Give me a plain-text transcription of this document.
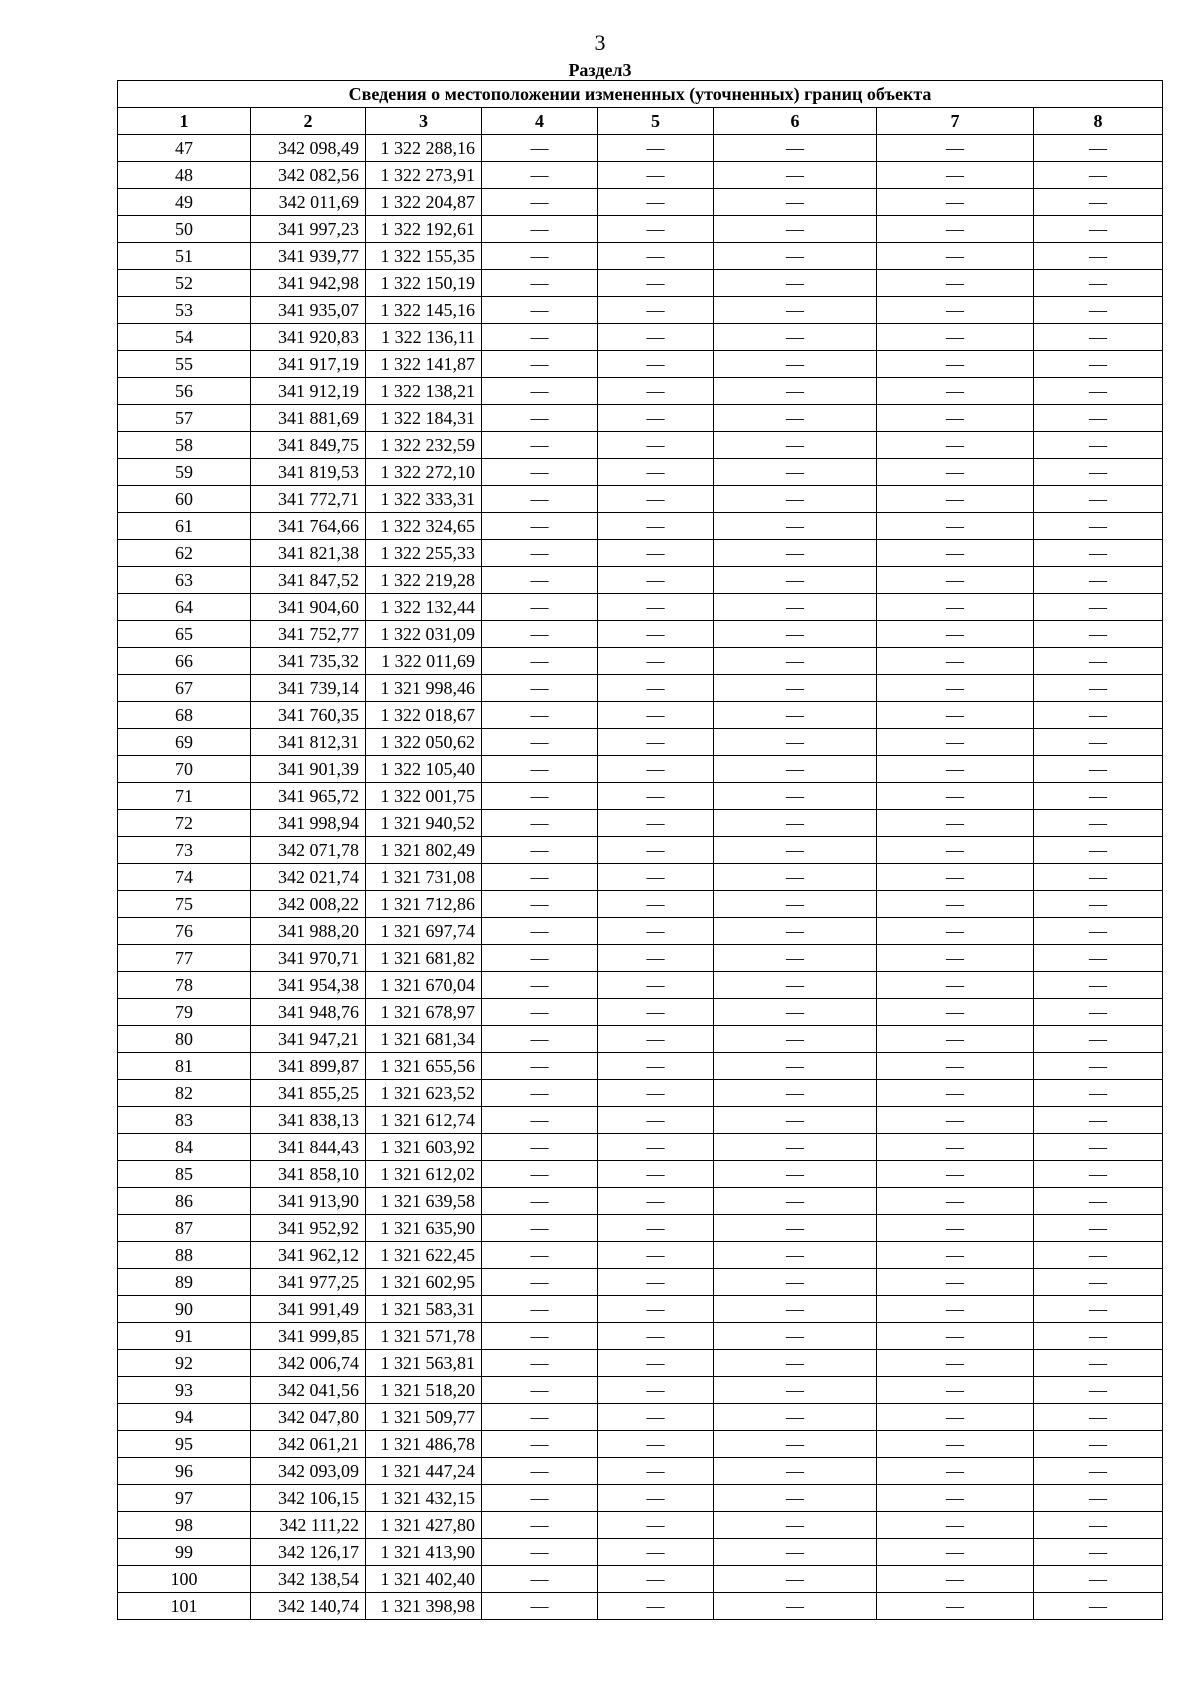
3
Раздел3
Сведения о местоположении измененных (уточненных) границ объекта							
1	2	3	4	5	6	7	8
47	342 098,49	1 322 288,16	—	—	—	—	—
48	342 082,56	1 322 273,91	—	—	—	—	—
49	342 011,69	1 322 204,87	—	—	—	—	—
50	341 997,23	1 322 192,61	—	—	—	—	—
51	341 939,77	1 322 155,35	—	—	—	—	—
52	341 942,98	1 322 150,19	—	—	—	—	—
53	341 935,07	1 322 145,16	—	—	—	—	—
54	341 920,83	1 322 136,11	—	—	—	—	—
55	341 917,19	1 322 141,87	—	—	—	—	—
56	341 912,19	1 322 138,21	—	—	—	—	—
57	341 881,69	1 322 184,31	—	—	—	—	—
58	341 849,75	1 322 232,59	—	—	—	—	—
59	341 819,53	1 322 272,10	—	—	—	—	—
60	341 772,71	1 322 333,31	—	—	—	—	—
61	341 764,66	1 322 324,65	—	—	—	—	—
62	341 821,38	1 322 255,33	—	—	—	—	—
63	341 847,52	1 322 219,28	—	—	—	—	—
64	341 904,60	1 322 132,44	—	—	—	—	—
65	341 752,77	1 322 031,09	—	—	—	—	—
66	341 735,32	1 322 011,69	—	—	—	—	—
67	341 739,14	1 321 998,46	—	—	—	—	—
68	341 760,35	1 322 018,67	—	—	—	—	—
69	341 812,31	1 322 050,62	—	—	—	—	—
70	341 901,39	1 322 105,40	—	—	—	—	—
71	341 965,72	1 322 001,75	—	—	—	—	—
72	341 998,94	1 321 940,52	—	—	—	—	—
73	342 071,78	1 321 802,49	—	—	—	—	—
74	342 021,74	1 321 731,08	—	—	—	—	—
75	342 008,22	1 321 712,86	—	—	—	—	—
76	341 988,20	1 321 697,74	—	—	—	—	—
77	341 970,71	1 321 681,82	—	—	—	—	—
78	341 954,38	1 321 670,04	—	—	—	—	—
79	341 948,76	1 321 678,97	—	—	—	—	—
80	341 947,21	1 321 681,34	—	—	—	—	—
81	341 899,87	1 321 655,56	—	—	—	—	—
82	341 855,25	1 321 623,52	—	—	—	—	—
83	341 838,13	1 321 612,74	—	—	—	—	—
84	341 844,43	1 321 603,92	—	—	—	—	—
85	341 858,10	1 321 612,02	—	—	—	—	—
86	341 913,90	1 321 639,58	—	—	—	—	—
87	341 952,92	1 321 635,90	—	—	—	—	—
88	341 962,12	1 321 622,45	—	—	—	—	—
89	341 977,25	1 321 602,95	—	—	—	—	—
90	341 991,49	1 321 583,31	—	—	—	—	—
91	341 999,85	1 321 571,78	—	—	—	—	—
92	342 006,74	1 321 563,81	—	—	—	—	—
93	342 041,56	1 321 518,20	—	—	—	—	—
94	342 047,80	1 321 509,77	—	—	—	—	—
95	342 061,21	1 321 486,78	—	—	—	—	—
96	342 093,09	1 321 447,24	—	—	—	—	—
97	342 106,15	1 321 432,15	—	—	—	—	—
98	342 111,22	1 321 427,80	—	—	—	—	—
99	342 126,17	1 321 413,90	—	—	—	—	—
100	342 138,54	1 321 402,40	—	—	—	—	—
101	342 140,74	1 321 398,98	—	—	—	—	—
